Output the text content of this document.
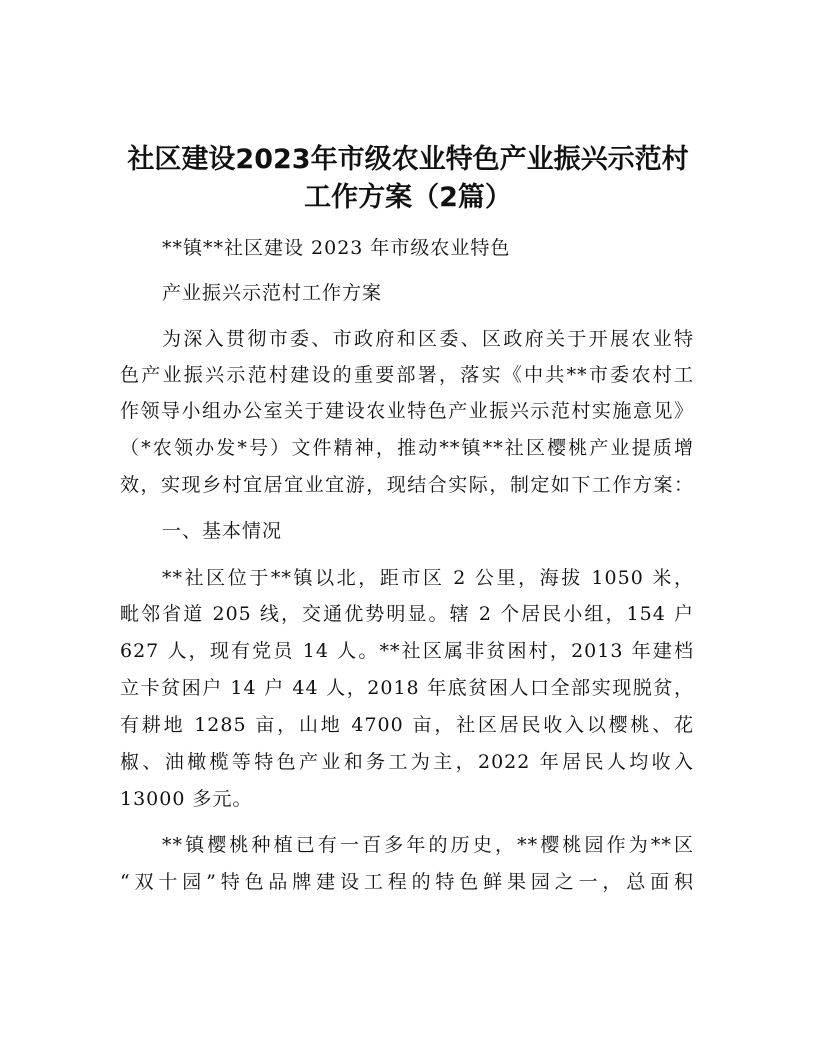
社区建设2023年市级农业特色产业振兴示范村
工作方案（2篇）
**镇**社区建设 2023 年市级农业特色
产业振兴示范村工作方案
为深入贯彻市委、市政府和区委、区政府关于开展农业特
色产业振兴示范村建设的重要部署，落实《中共**市委农村工
作领导小组办公室关于建设农业特色产业振兴示范村实施意见》
（*农领办发*号）文件精神，推动**镇**社区樱桃产业提质增
效，实现乡村宜居宜业宜游，现结合实际，制定如下工作方案：
一、基本情况
**社区位于**镇以北，距市区 2 公里，海拔 1050 米，
毗邻省道 205 线，交通优势明显。辖 2 个居民小组，154 户
627 人，现有党员 14 人。**社区属非贫困村，2013 年建档
立卡贫困户 14 户 44 人，2018 年底贫困人口全部实现脱贫，
有耕地 1285 亩，山地 4700 亩，社区居民收入以樱桃、花
椒、油橄榄等特色产业和务工为主，2022 年居民人均收入
13000 多元。
**镇樱桃种植已有一百多年的历史，**樱桃园作为**区
“双十园”特色品牌建设工程的特色鲜果园之一，总面积
